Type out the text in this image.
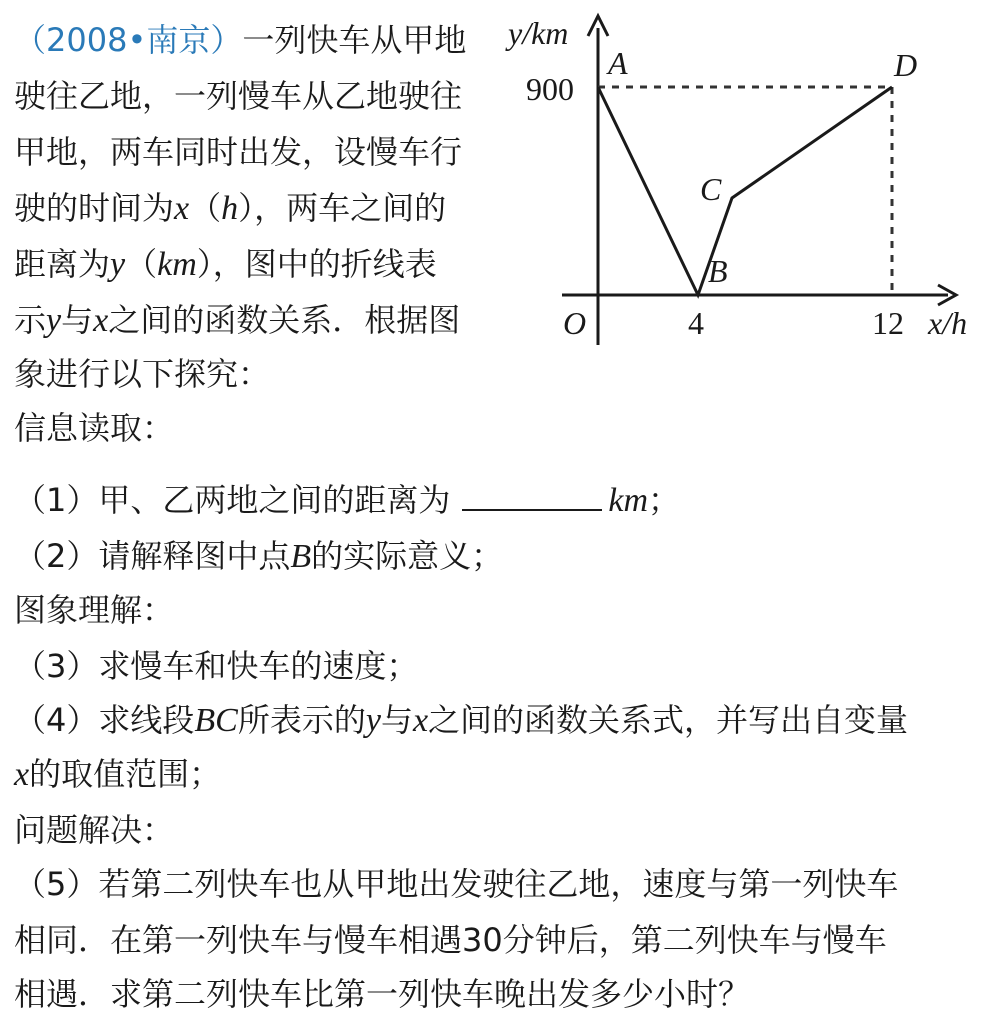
（2008•南京）一列快车从甲地
驶往乙地，一列慢车从乙地驶往
甲地，两车同时出发，设慢车行
驶的时间为x（h），两车之间的
距离为y（km），图中的折线表
示y与x之间的函数关系．根据图
象进行以下探究：
信息读取：
（1）甲、乙两地之间的距离为	km；
（2）请解释图中点B的实际意义；
图象理解：
（3）求慢车和快车的速度；
（4）求线段BC所表示的y与x之间的函数关系式，并写出自变量
x的取值范围；
问题解决：
（5）若第二列快车也从甲地出发驶往乙地，速度与第一列快车
相同．在第一列快车与慢车相遇30分钟后，第二列快车与慢车
相遇．求第二列快车比第一列快车晚出发多少小时？
y/km
x/h
900
O	4	12
A
B
C
D
